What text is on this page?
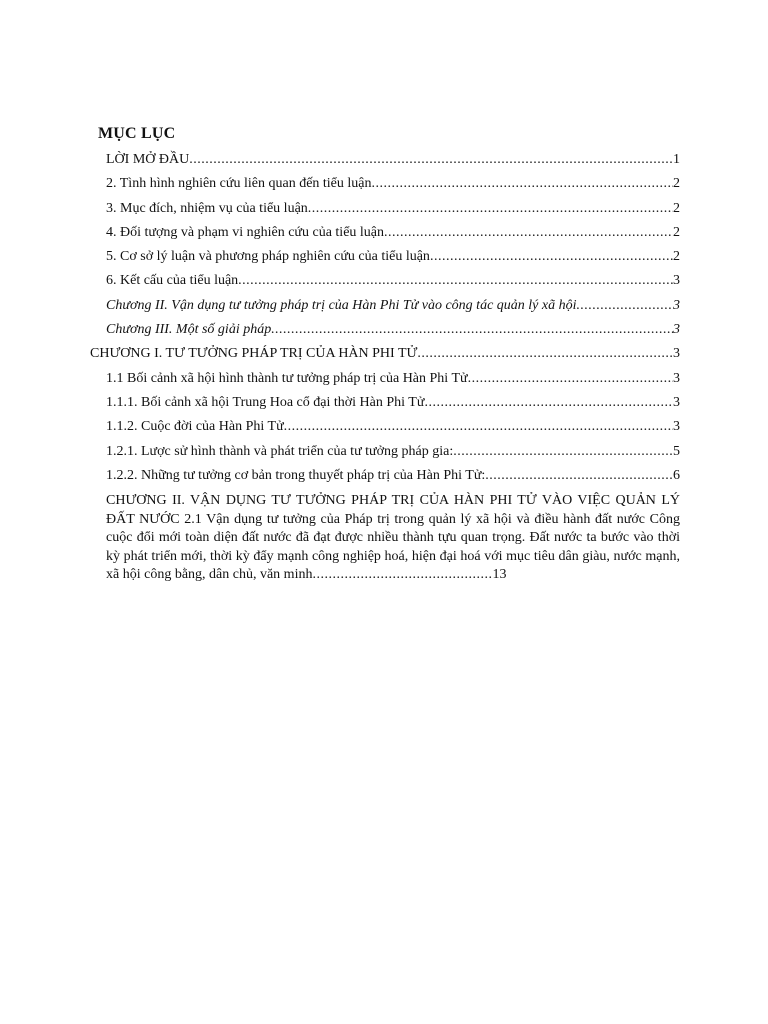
MỤC LỤC
LỜI MỞ ĐẦU .....	1
2. Tình hình nghiên cứu liên quan đến tiểu luận .....	2
3. Mục đích, nhiệm vụ của tiểu luận .....	2
4. Đối tượng và phạm vi nghiên cứu của tiểu luận .....	2
5. Cơ sở lý luận và phương pháp nghiên cứu của tiểu luận .....	2
6. Kết cấu của tiểu luận .....	3
Chương II. Vận dụng tư tưởng pháp trị của Hàn Phi Tử vào công tác quản lý xã hội .....	3
Chương III. Một số giải pháp .....	3
CHƯƠNG I. TƯ TƯỞNG PHÁP TRỊ CỦA HÀN PHI TỬ .....	3
1.1 Bối cảnh xã hội hình thành tư tưởng pháp trị của Hàn Phi Tử .....	3
1.1.1. Bối cảnh xã hội Trung Hoa cổ đại thời Hàn Phi Tử .....	3
1.1.2. Cuộc đời của Hàn Phi Tử .....	3
1.2.1. Lược sử hình thành và phát triển của tư tưởng pháp gia: .....	5
1.2.2. Những tư tưởng cơ bản trong thuyết pháp trị của Hàn Phi Tử: .....	6
CHƯƠNG II. VẬN DỤNG TƯ TƯỞNG PHÁP TRỊ CỦA HÀN PHI TỬ VÀO VIỆC QUẢN LÝ ĐẤT NƯỚC 2.1 Vận dụng tư tưởng của Pháp trị trong quản lý xã hội và điều hành đất nước Công cuộc đổi mới toàn diện đất nước đã đạt được nhiều thành tựu quan trọng. Đất nước ta bước vào thời kỳ phát triển mới, thời kỳ đẩy mạnh công nghiệp hoá, hiện đại hoá với mục tiêu dân giàu, nước mạnh, xã hội công bằng, dân chủ, văn minh.............................................13
